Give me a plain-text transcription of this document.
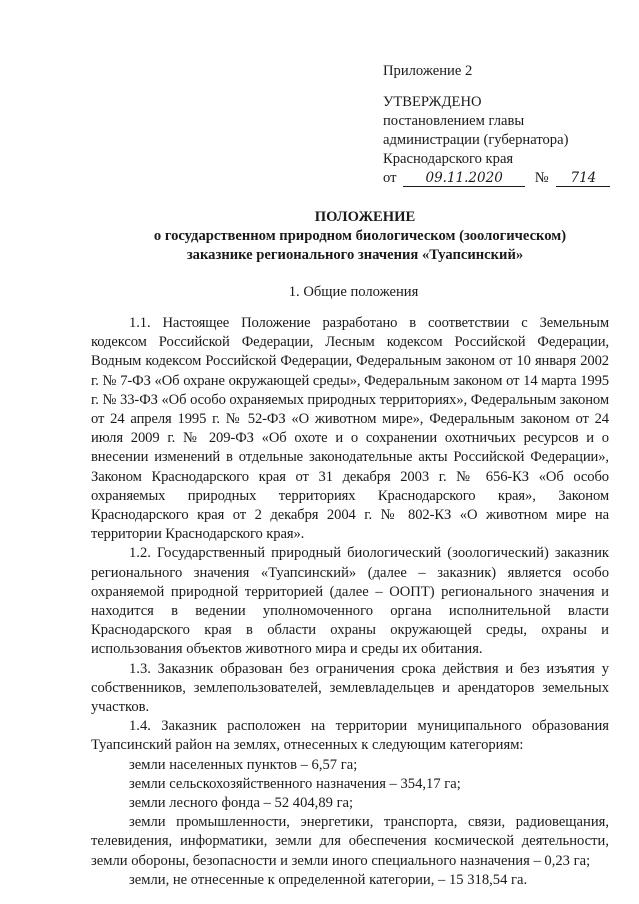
Приложение 2
УТВЕРЖДЕНО
постановлением главы
администрации (губернатора)
Краснодарского края
от 09.11.2020 № 714
ПОЛОЖЕНИЕ
о государственном природном биологическом (зоологическом)
заказнике регионального значения «Туапсинский»
1. Общие положения

1.1. Настоящее Положение разработано в соответствии с Земельным кодексом Российской Федерации, Лесным кодексом Российской Федерации, Водным кодексом Российской Федерации, Федеральным законом от 10 января 2002 г. № 7-ФЗ «Об охране окружающей среды», Федеральным законом от 14 марта 1995 г. № 33-ФЗ «Об особо охраняемых природных территориях», Федеральным законом от 24 апреля 1995 г. № 52-ФЗ «О животном мире», Федеральным законом от 24 июля 2009 г. № 209-ФЗ «Об охоте и о сохранении охотничьих ресурсов и о внесении изменений в отдельные законодательные акты Российской Федерации», Законом Краснодарского края от 31 декабря 2003 г. № 656-КЗ «Об особо охраняемых природных территориях Краснодарского края», Законом Краснодарского края от 2 декабря 2004 г. № 802-КЗ «О животном мире на территории Краснодарского края».

1.2. Государственный природный биологический (зоологический) заказник регионального значения «Туапсинский» (далее – заказник) является особо охраняемой природной территорией (далее – ООПТ) регионального значения и находится в ведении уполномоченного органа исполнительной власти Краснодарского края в области охраны окружающей среды, охраны и использования объектов животного мира и среды их обитания.

1.3. Заказник образован без ограничения срока действия и без изъятия у собственников, землепользователей, землевладельцев и арендаторов земельных участков.

1.4. Заказник расположен на территории муниципального образования Туапсинский район на землях, отнесенных к следующим категориям:

земли населенных пунктов – 6,57 га;

земли сельскохозяйственного назначения – 354,17 га;

земли лесного фонда – 52 404,89 га;

земли промышленности, энергетики, транспорта, связи, радиовещания, телевидения, информатики, земли для обеспечения космической деятельности, земли обороны, безопасности и земли иного специального назначения – 0,23 га;

земли, не отнесенные к определенной категории, – 15 318,54 га.
